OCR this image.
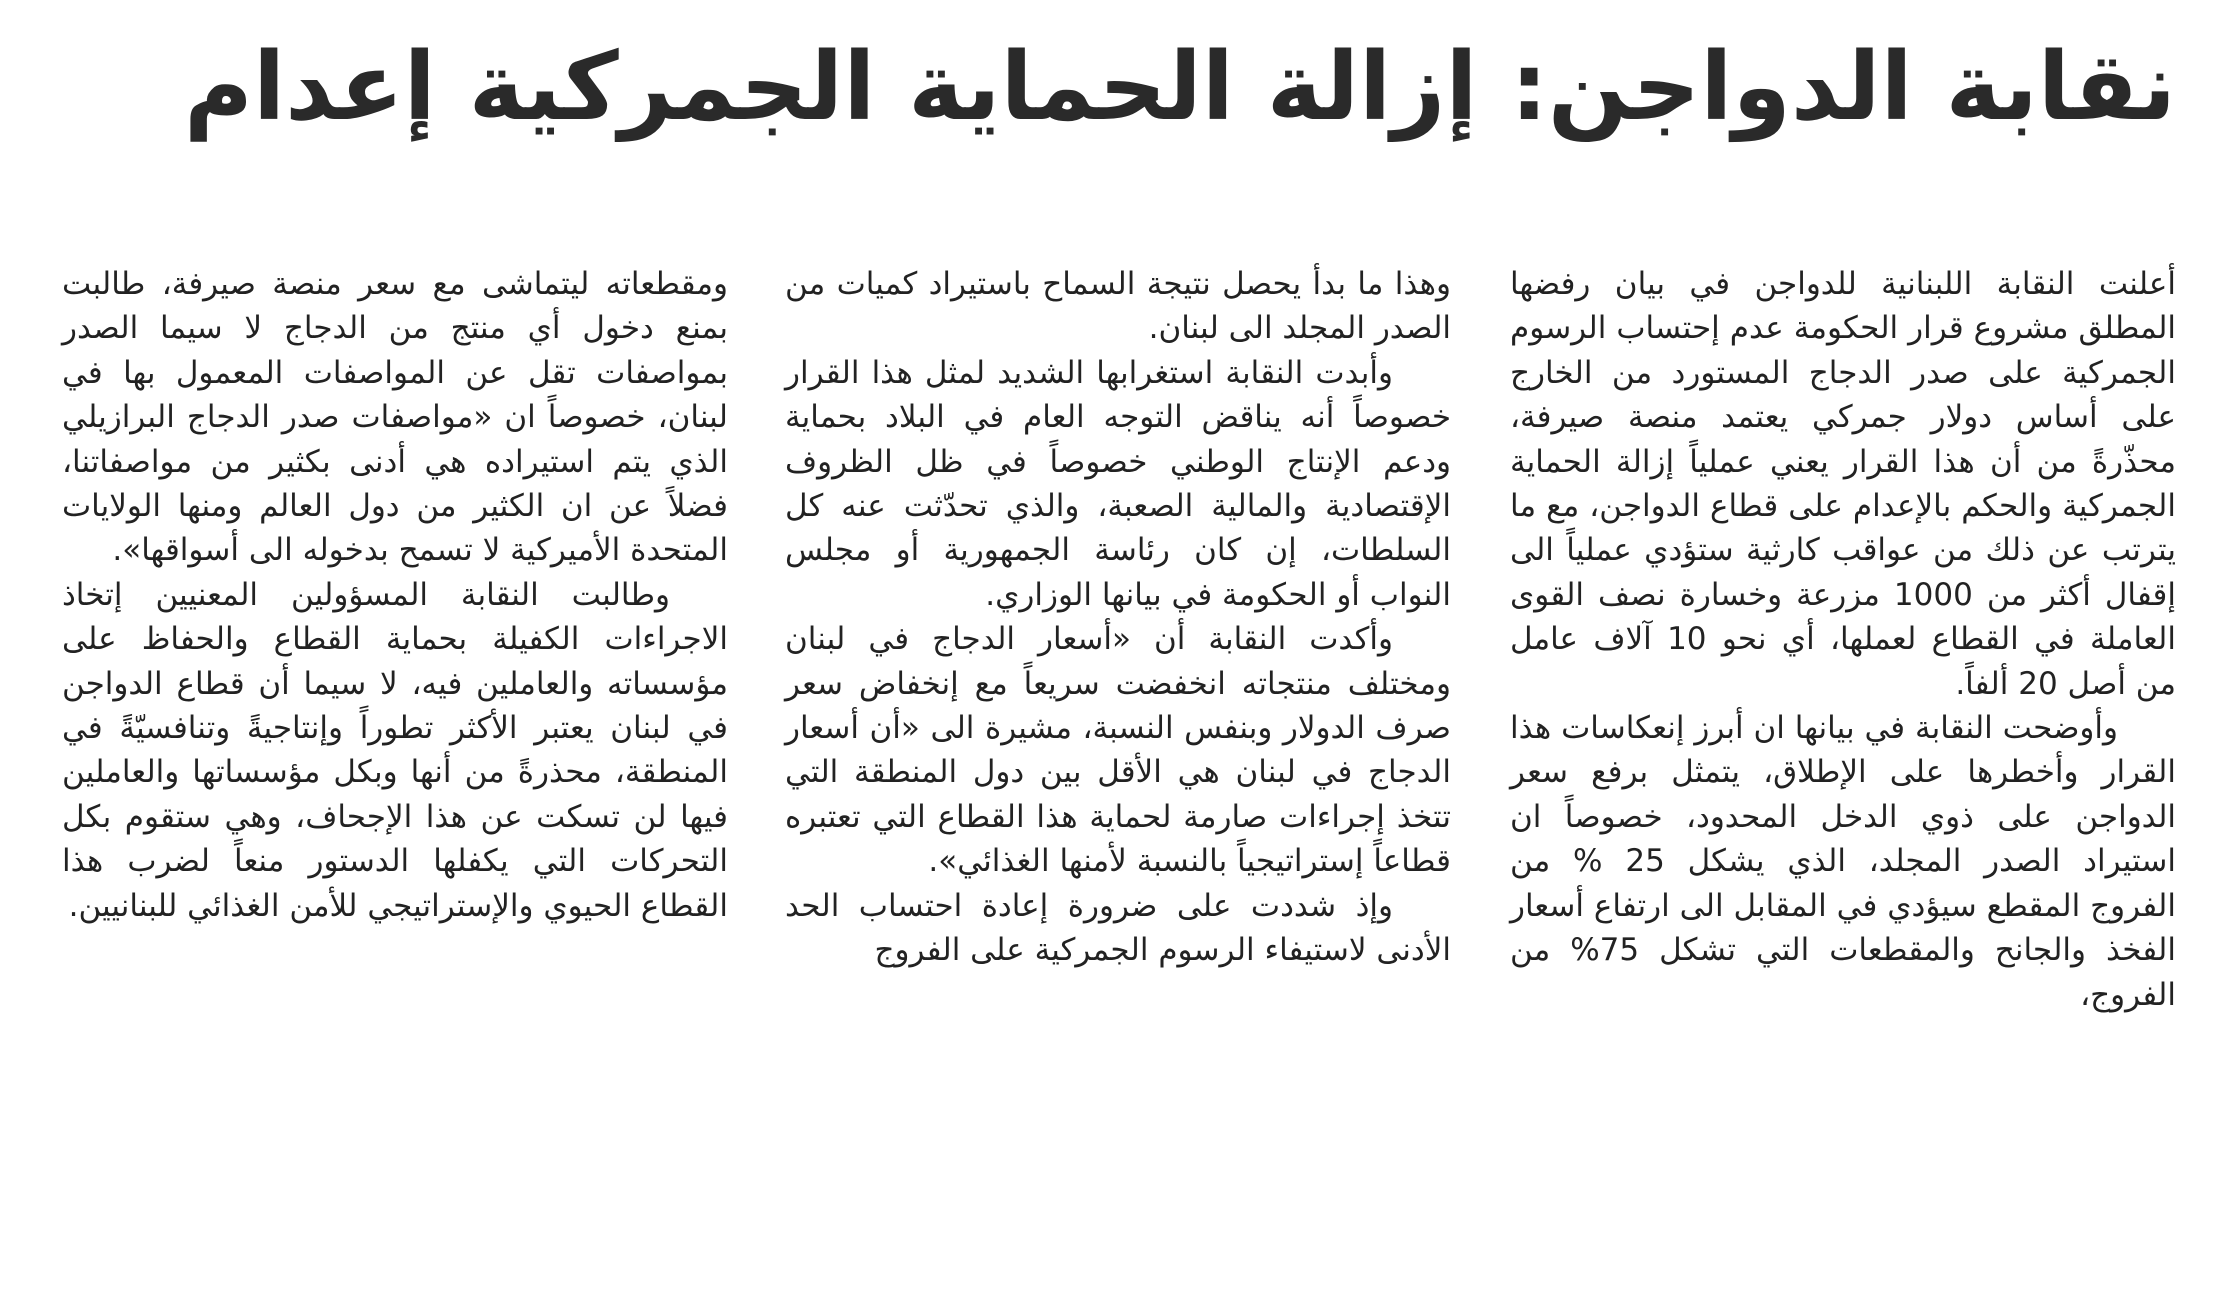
نقابة الدواجن: إزالة الحماية الجمركية إعدام

أعلنت النقابة اللبنانية للدواجن في بيان رفضها المطلق مشروع قرار الحكومة عدم إحتساب الرسوم الجمركية على صدر الدجاج المستورد من الخارج على أساس دولار جمركي يعتمد منصة صيرفة، محذّرةً من أن هذا القرار يعني عملياً إزالة الحماية الجمركية والحكم بالإعدام على قطاع الدواجن، مع ما يترتب عن ذلك من عواقب كارثية ستؤدي عملياً الى إقفال أكثر من 1000 مزرعة وخسارة نصف القوى العاملة في القطاع لعملها، أي نحو 10 آلاف عامل من أصل 20 ألفاً.

وأوضحت النقابة في بيانها ان أبرز إنعكاسات هذا القرار وأخطرها على الإطلاق، يتمثل برفع سعر الدواجن على ذوي الدخل المحدود، خصوصاً ان استيراد الصدر المجلد، الذي يشكل 25 % من الفروج المقطع سيؤدي في المقابل الى ارتفاع أسعار الفخذ والجانح والمقطعات التي تشكل 75% من الفروج،

وهذا ما بدأ يحصل نتيجة السماح باستيراد كميات من الصدر المجلد الى لبنان.

وأبدت النقابة استغرابها الشديد لمثل هذا القرار خصوصاً أنه يناقض التوجه العام في البلاد بحماية ودعم الإنتاج الوطني خصوصاً في ظل الظروف الإقتصادية والمالية الصعبة، والذي تحدّثت عنه كل السلطات، إن كان رئاسة الجمهورية أو مجلس النواب أو الحكومة في بيانها الوزاري.

وأكدت النقابة أن «أسعار الدجاج في لبنان ومختلف منتجاته انخفضت سريعاً مع إنخفاض سعر صرف الدولار وبنفس النسبة، مشيرة الى «أن أسعار الدجاج في لبنان هي الأقل بين دول المنطقة التي تتخذ إجراءات صارمة لحماية هذا القطاع التي تعتبره قطاعاً إستراتيجياً بالنسبة لأمنها الغذائي».

وإذ شددت على ضرورة إعادة احتساب الحد الأدنى لاستيفاء الرسوم الجمركية على الفروج

ومقطعاته ليتماشى مع سعر منصة صيرفة، طالبت بمنع دخول أي منتج من الدجاج لا سيما الصدر بمواصفات تقل عن المواصفات المعمول بها في لبنان، خصوصاً ان «مواصفات صدر الدجاج البرازيلي الذي يتم استيراده هي أدنى بكثير من مواصفاتنا، فضلاً عن ان الكثير من دول العالم ومنها الولايات المتحدة الأميركية لا تسمح بدخوله الى أسواقها».

وطالبت النقابة المسؤولين المعنيين إتخاذ الاجراءات الكفيلة بحماية القطاع والحفاظ على مؤسساته والعاملين فيه، لا سيما أن قطاع الدواجن في لبنان يعتبر الأكثر تطوراً وإنتاجيةً وتنافسيّةً في المنطقة، محذرةً من أنها وبكل مؤسساتها والعاملين فيها لن تسكت عن هذا الإجحاف، وهي ستقوم بكل التحركات التي يكفلها الدستور منعاً لضرب هذا القطاع الحيوي والإستراتيجي للأمن الغذائي للبنانيين.
